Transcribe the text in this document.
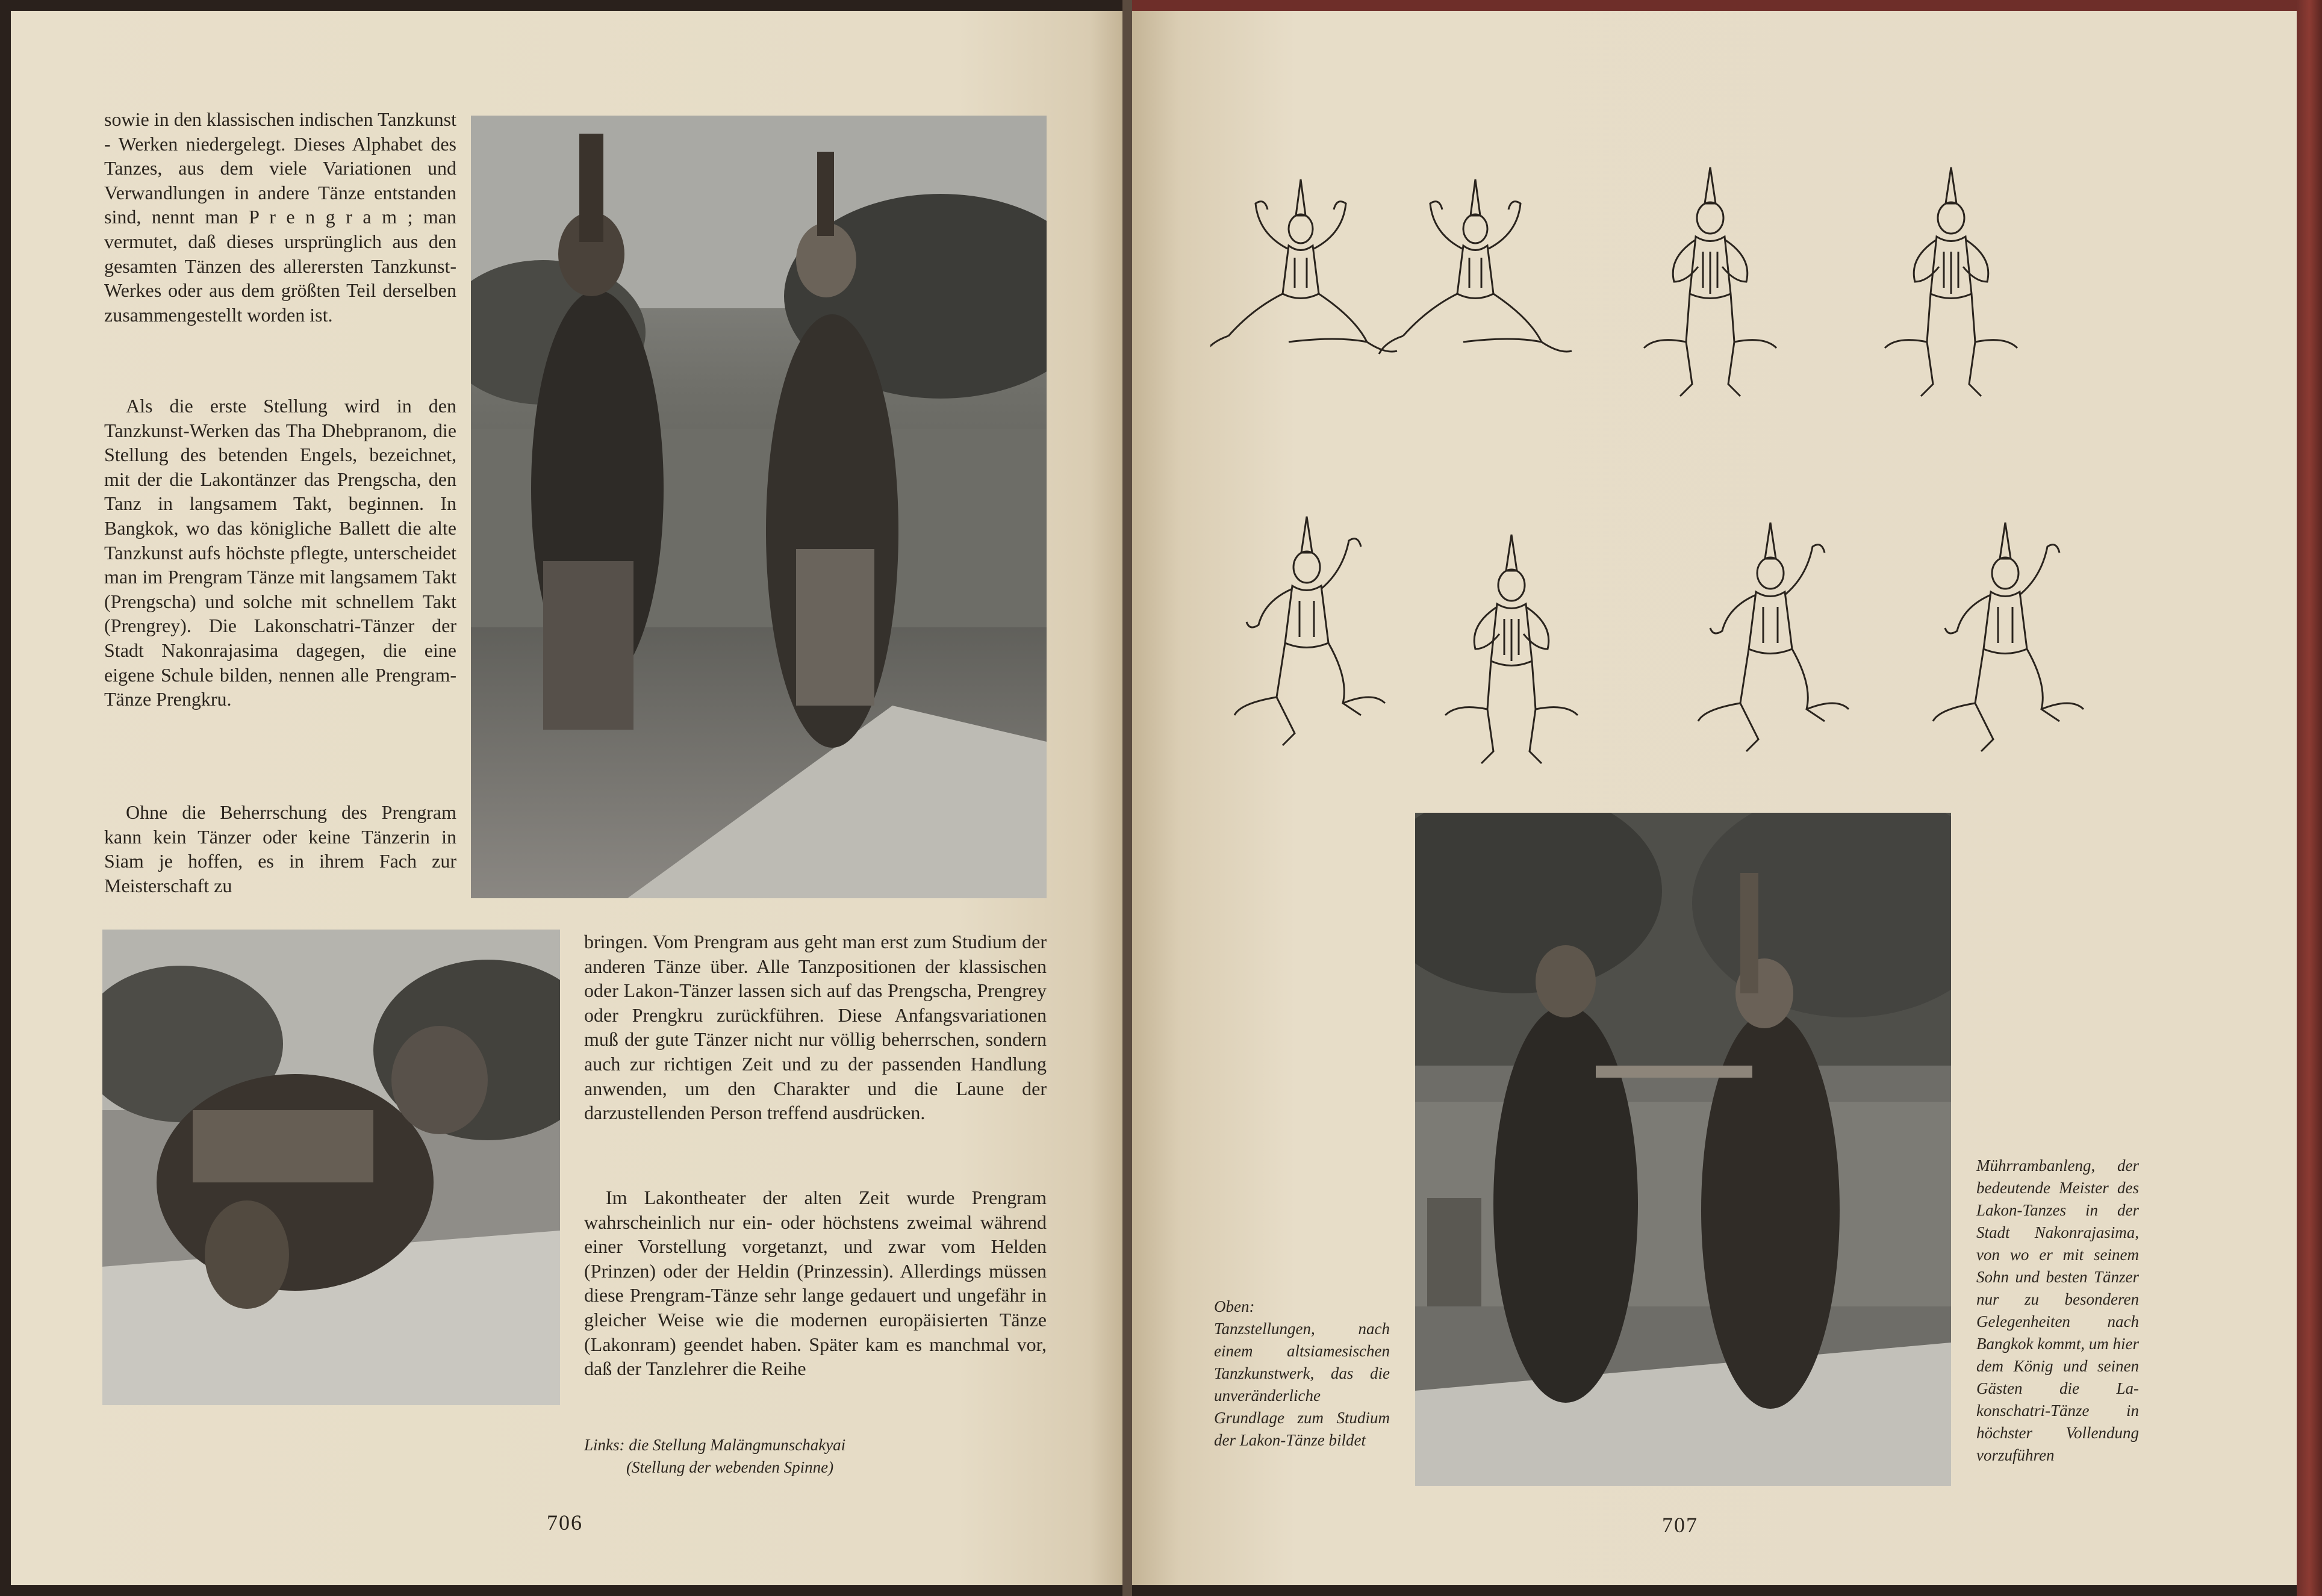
sowie in den klassischen indischen Tanzkunst - Werken niedergelegt. Dieses Alphabet des Tanzes, aus dem viele Variationen und Verwandlungen in andere Tänze entstanden sind, nennt man P r e n g r a m ; man vermutet, daß dieses ursprünglich aus den gesamten Tänzen des allerersten Tanzkunst-Werkes oder aus dem größten Teil derselben zusammengestellt worden ist.

Als die erste Stellung wird in den Tanzkunst-Werken das Tha Dhebpranom, die Stellung des betenden Engels, bezeichnet, mit der die Lakontänzer das Prengscha, den Tanz in langsamem Takt, beginnen. In Bangkok, wo das königliche Ballett die alte Tanzkunst aufs höchste pflegte, unterscheidet man im Prengram Tänze mit langsamem Takt (Prengscha) und solche mit schnellem Takt (Prengrey). Die Lakonschatri-Tänzer der Stadt Nakonrajasima dagegen, die eine eigene Schule bilden, nennen alle Prengram-Tänze Prengkru.

Ohne die Beherrschung des Prengram kann kein Tänzer oder keine Tänzerin in Siam je hoffen, es in ihrem Fach zur Meisterschaft zu

bringen. Vom Prengram aus geht man erst zum Studium der anderen Tänze über. Alle Tanzpositionen der klassischen oder Lakon-Tänzer lassen sich auf das Prengscha, Prengrey oder Prengkru zurückführen. Diese Anfangsvariationen muß der gute Tänzer nicht nur völlig beherrschen, sondern auch zur richtigen Zeit und zu der passenden Handlung anwenden, um den Charakter und die Laune der darzustellenden Person treffend ausdrücken.

Im Lakontheater der alten Zeit wurde Prengram wahrscheinlich nur ein- oder höchstens zweimal während einer Vorstellung vorgetanzt, und zwar vom Helden (Prinzen) oder der Heldin (Prinzessin). Allerdings müssen diese Prengram-Tänze sehr lange gedauert und ungefähr in gleicher Weise wie die modernen europäisierten Tänze (Lakonram) geendet haben. Später kam es manchmal vor, daß der Tanzlehrer die Reihe

Links: die Stellung Malängmunschakyai
(Stellung der webenden Spinne)
706
Oben:
Tanzstellungen, nach einem altsiamesischen Tanzkunstwerk, das die unveränderliche Grundlage zum Studium der Lakon-Tänze bildet
Mührrambanleng, der bedeutende Meister des Lakon-Tanzes in der Stadt Nakonrajasima, von wo er mit seinem Sohn und besten Tänzer nur zu besonderen Gelegenheiten nach Bangkok kommt, um hier dem König und seinen Gästen die Lakonschatri-Tänze in höchster Vollendung vorzuführen
707
